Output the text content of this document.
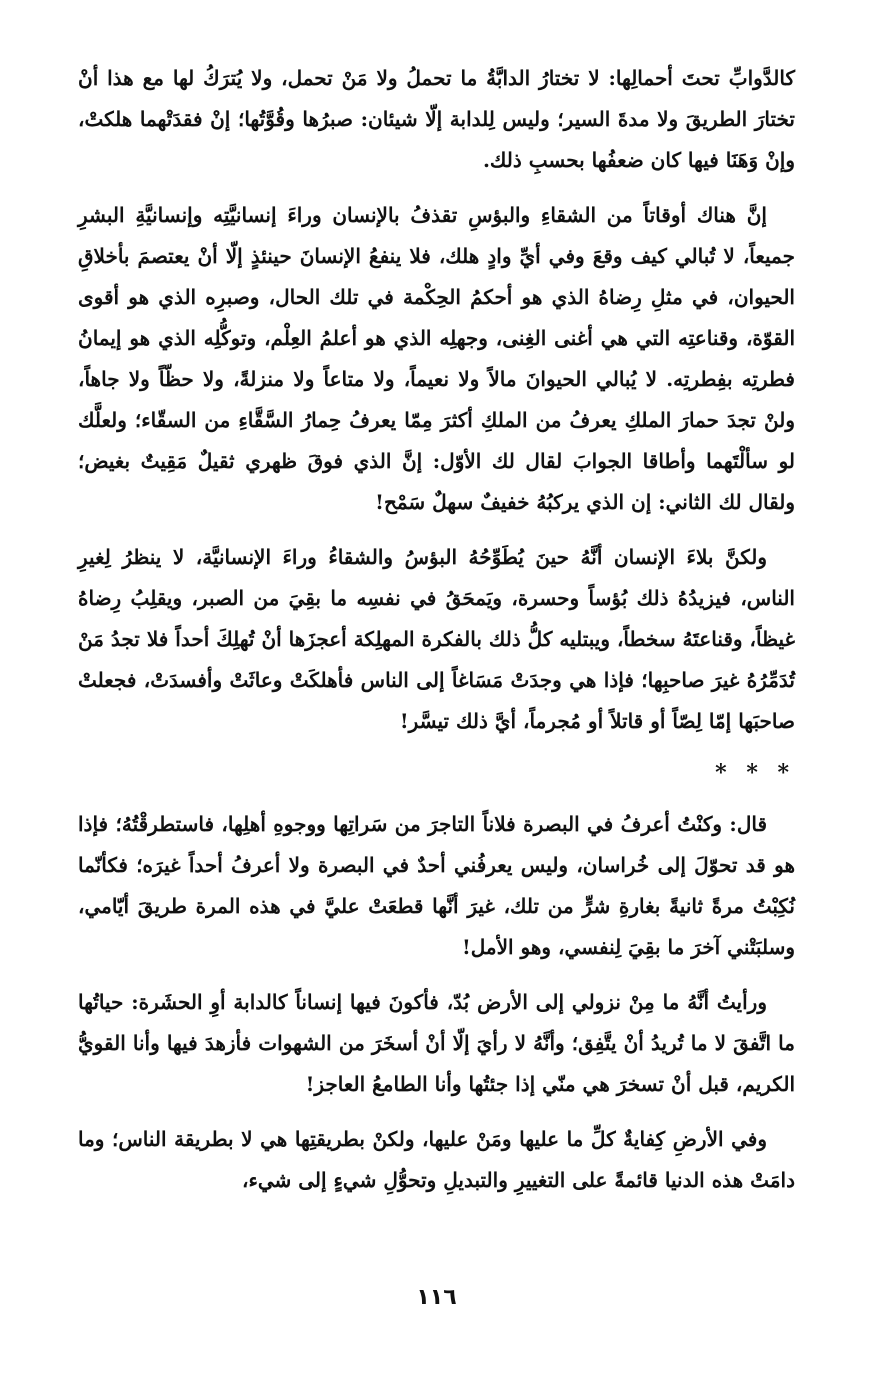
كالدَّوابِّ تحتَ أحمالِها: لا تختارُ الدابَّةُ ما تحملُ ولا مَنْ تحمل، ولا يُترَكُ لها مع هذا أنْ تختارَ الطريقَ ولا مدةَ السير؛ وليس لِلدابة إلّا شيئان: صبرُها وقُوَّتُها؛ إنْ فقدَتْهما هلكتْ، وإنْ وَهَنَا فيها كان ضعفُها بحسبِ ذلك.

إنَّ هناك أوقاتاً من الشقاءِ والبؤسِ تقذفُ بالإنسان وراءَ إنسانيَّتِه وإنسانيَّةِ البشرِ جميعاً، لا تُبالي كيف وقعَ وفي أيِّ وادٍ هلك، فلا ينفعُ الإنسانَ حينئذٍ إلّا أنْ يعتصمَ بأخلاقِ الحيوان، في مثلِ رِضاهُ الذي هو أحكمُ الحِكْمة في تلك الحال، وصبرِه الذي هو أقوى القوّة، وقناعتِه التي هي أغنى الغِنى، وجهلِه الذي هو أعلمُ العِلْم، وتوكُّلِه الذي هو إيمانُ فطرتِه بفِطرتِه. لا يُبالي الحيوانَ مالاً ولا نعيماً، ولا متاعاً ولا منزلةً، ولا حظّاً ولا جاهاً، ولنْ تجدَ حمارَ الملكِ يعرفُ من الملكِ أكثرَ مِمّا يعرفُ حِمارُ السَّقَّاءِ من السقّاء؛ ولعلَّك لو سألْتَهما وأطاقا الجوابَ لقال لك الأوّل: إنَّ الذي فوقَ ظهري ثقيلٌ مَقِيتٌ بغيض؛ ولقال لك الثاني: إن الذي يركبُهُ خفيفٌ سهلٌ سَمْح!

ولكنَّ بلاءَ الإنسان أنَّهُ حينَ يُطَوِّحُهُ البؤسُ والشقاءُ وراءَ الإنسانيَّة، لا ينظرُ لِغيرِ الناس، فيزيدُهُ ذلك بُؤساً وحسرة، ويَمحَقُ في نفسِه ما بقِيَ من الصبر، ويقلِبُ رِضاهُ غيظاً، وقناعتَهُ سخطاً، ويبتليه كلُّ ذلك بالفكرة المهلِكة أعجزَها أنْ تُهلِكَ أحداً فلا تجدُ مَنْ تُدَمِّرُهُ غيرَ صاحبِها؛ فإذا هي وجدَتْ مَسَاغاً إلى الناس فأهلكَتْ وعاثَتْ وأفسدَتْ، فجعلتْ صاحبَها إمّا لِصّاً أو قاتلاً أو مُجرماً، أيَّ ذلك تيسَّر!

* * *

قال: وكنْتُ أعرفُ في البصرة فلاناً التاجرَ من سَراتِها ووجوهِ أهلِها، فاستطرقْتُهُ؛ فإذا هو قد تحوّلَ إلى خُراسان، وليس يعرفُني أحدٌ في البصرة ولا أعرفُ أحداً غيرَه؛ فكأنّما نُكِبْتُ مرةً ثانيةً بغارةِ شرٍّ من تلك، غيرَ أنَّها قطعَتْ عليَّ في هذه المرة طريقَ أيّامي، وسلبَتْني آخرَ ما بقِيَ لِنفسي، وهو الأمل!

ورأيتُ أنَّهُ ما مِنْ نزولي إلى الأرض بُدّ، فأكونَ فيها إنساناً كالدابة أوِ الحشَرة: حياتُها ما اتَّفقَ لا ما تُريدُ أنْ يتَّفِق؛ وأنَّهُ لا رأيَ إلّا أنْ أسخَرَ من الشهوات فأزهدَ فيها وأنا القويُّ الكريم، قبل أنْ تسخرَ هي منّي إذا جئتُها وأنا الطامعُ العاجز!

وفي الأرضِ كِفايةٌ كلِّ ما عليها ومَنْ عليها، ولكنْ بطريقتِها هي لا بطريقة الناس؛ وما دامَتْ هذه الدنيا قائمةً على التغييرِ والتبديلِ وتحوُّلِ شيءٍ إلى شيء،

١١٦
